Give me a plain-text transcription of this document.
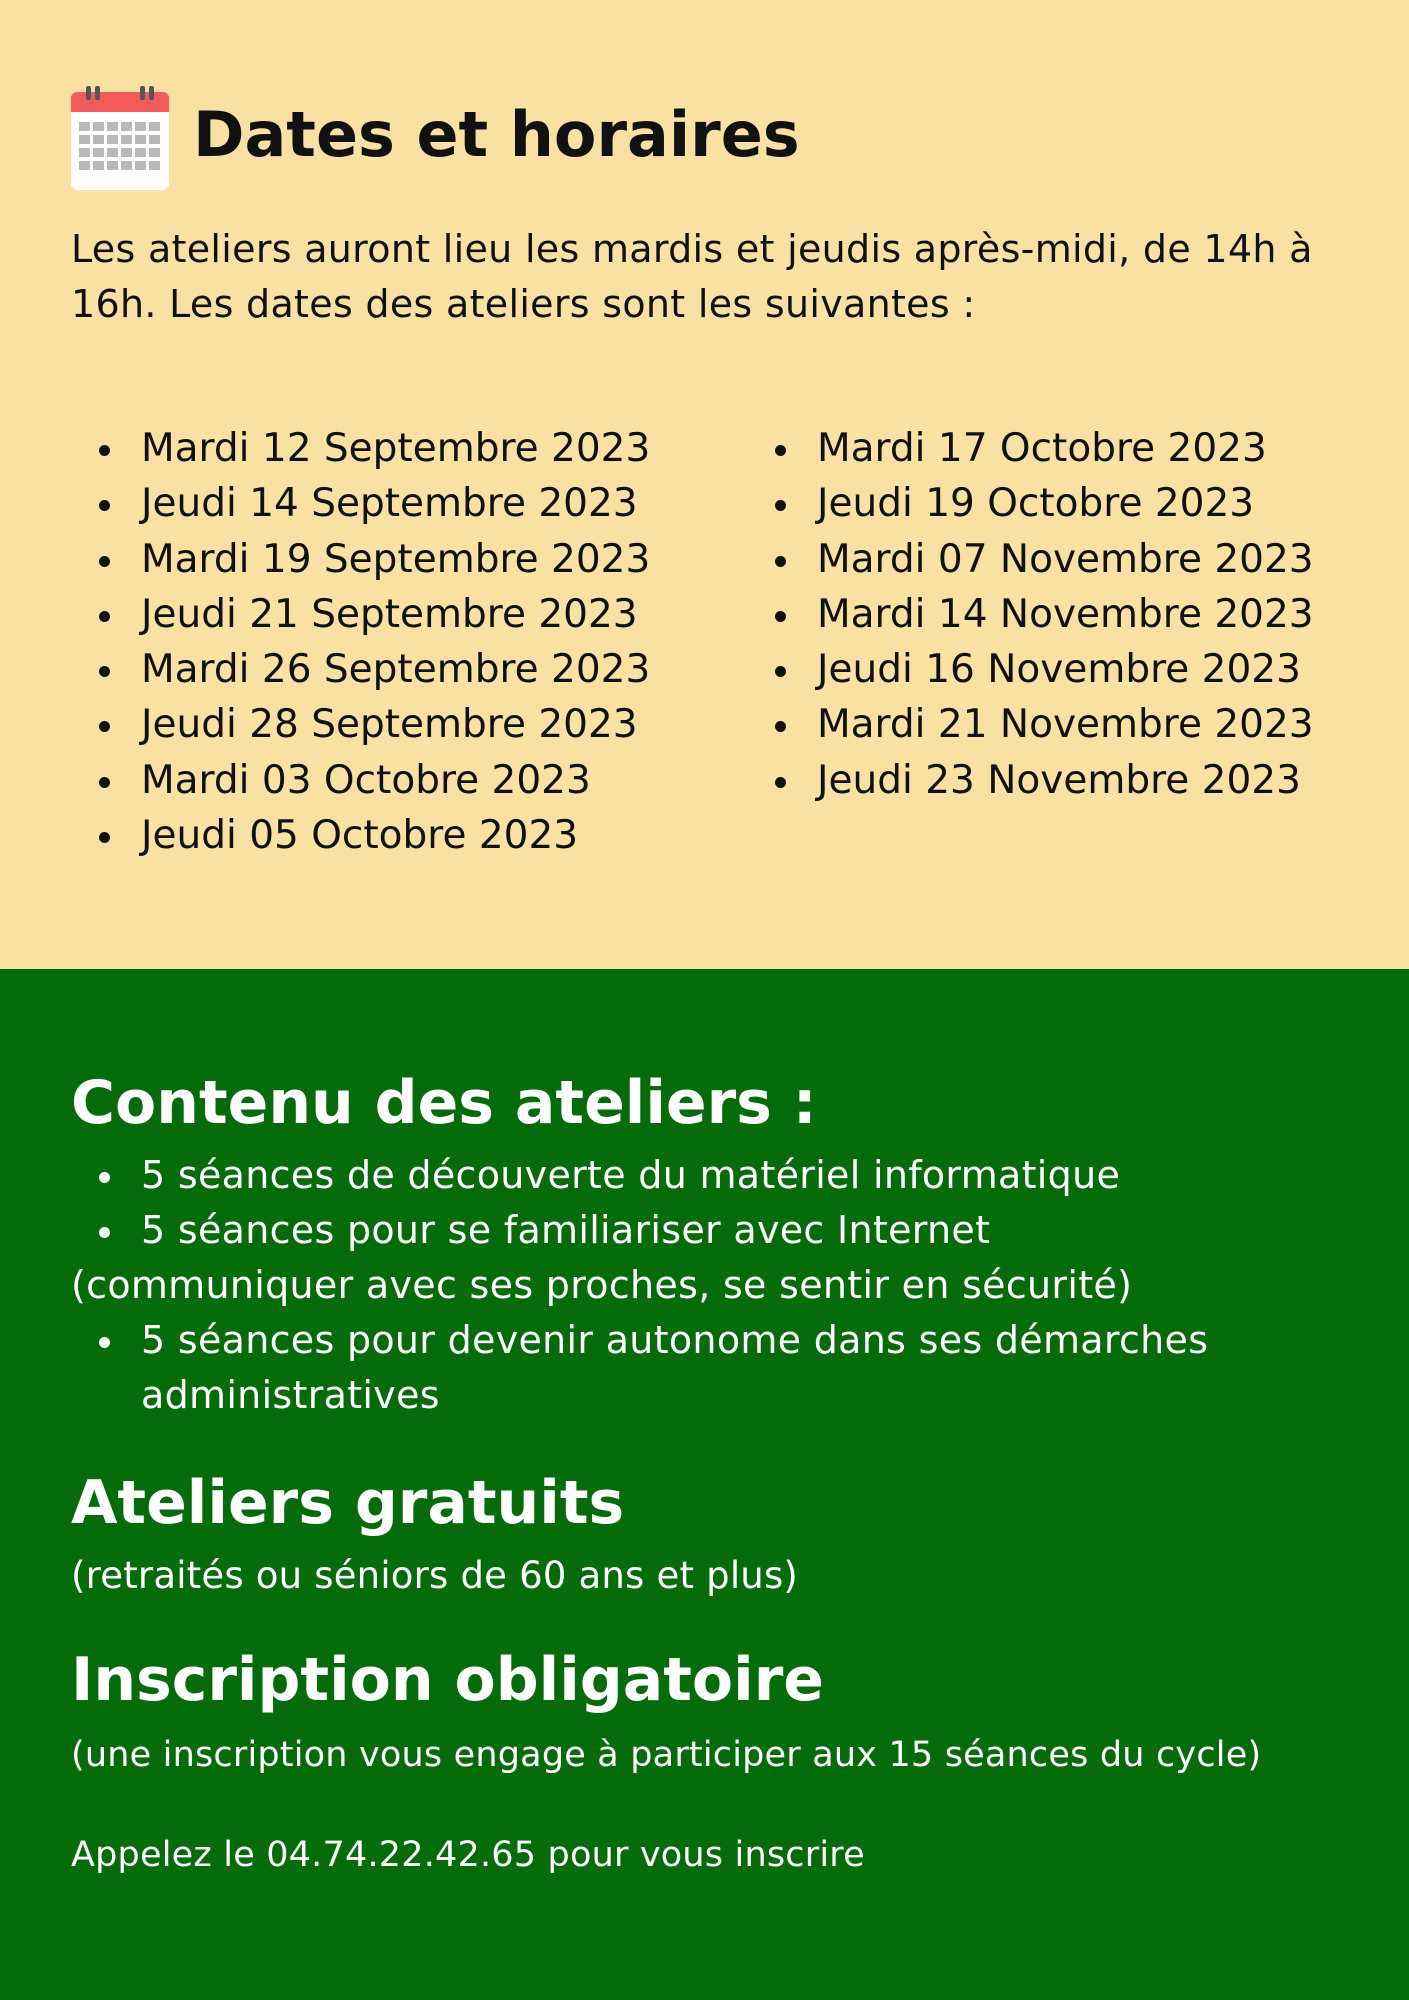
Dates et horaires

Les ateliers auront lieu les mardis et jeudis après-midi, de 14h à 16h. Les dates des ateliers sont les suivantes :

Mardi 12 Septembre 2023
Jeudi 14 Septembre 2023
Mardi 19 Septembre 2023
Jeudi 21 Septembre 2023
Mardi 26 Septembre 2023
Jeudi 28 Septembre 2023
Mardi 03 Octobre 2023
Jeudi 05 Octobre 2023
Mardi 17 Octobre 2023
Jeudi 19 Octobre 2023
Mardi 07 Novembre 2023
Mardi 14 Novembre 2023
Jeudi 16 Novembre 2023
Mardi 21 Novembre 2023
Jeudi 23 Novembre 2023
Contenu des ateliers :
5 séances de découverte du matériel informatique
5 séances pour se familiariser avec Internet
(communiquer avec ses proches, se sentir en sécurité)
5 séances pour devenir autonome dans ses démarches administratives
Ateliers gratuits

(retraités ou séniors de 60 ans et plus)

Inscription obligatoire

(une inscription vous engage à participer aux 15 séances du cycle)

Appelez le 04.74.22.42.65 pour vous inscrire
